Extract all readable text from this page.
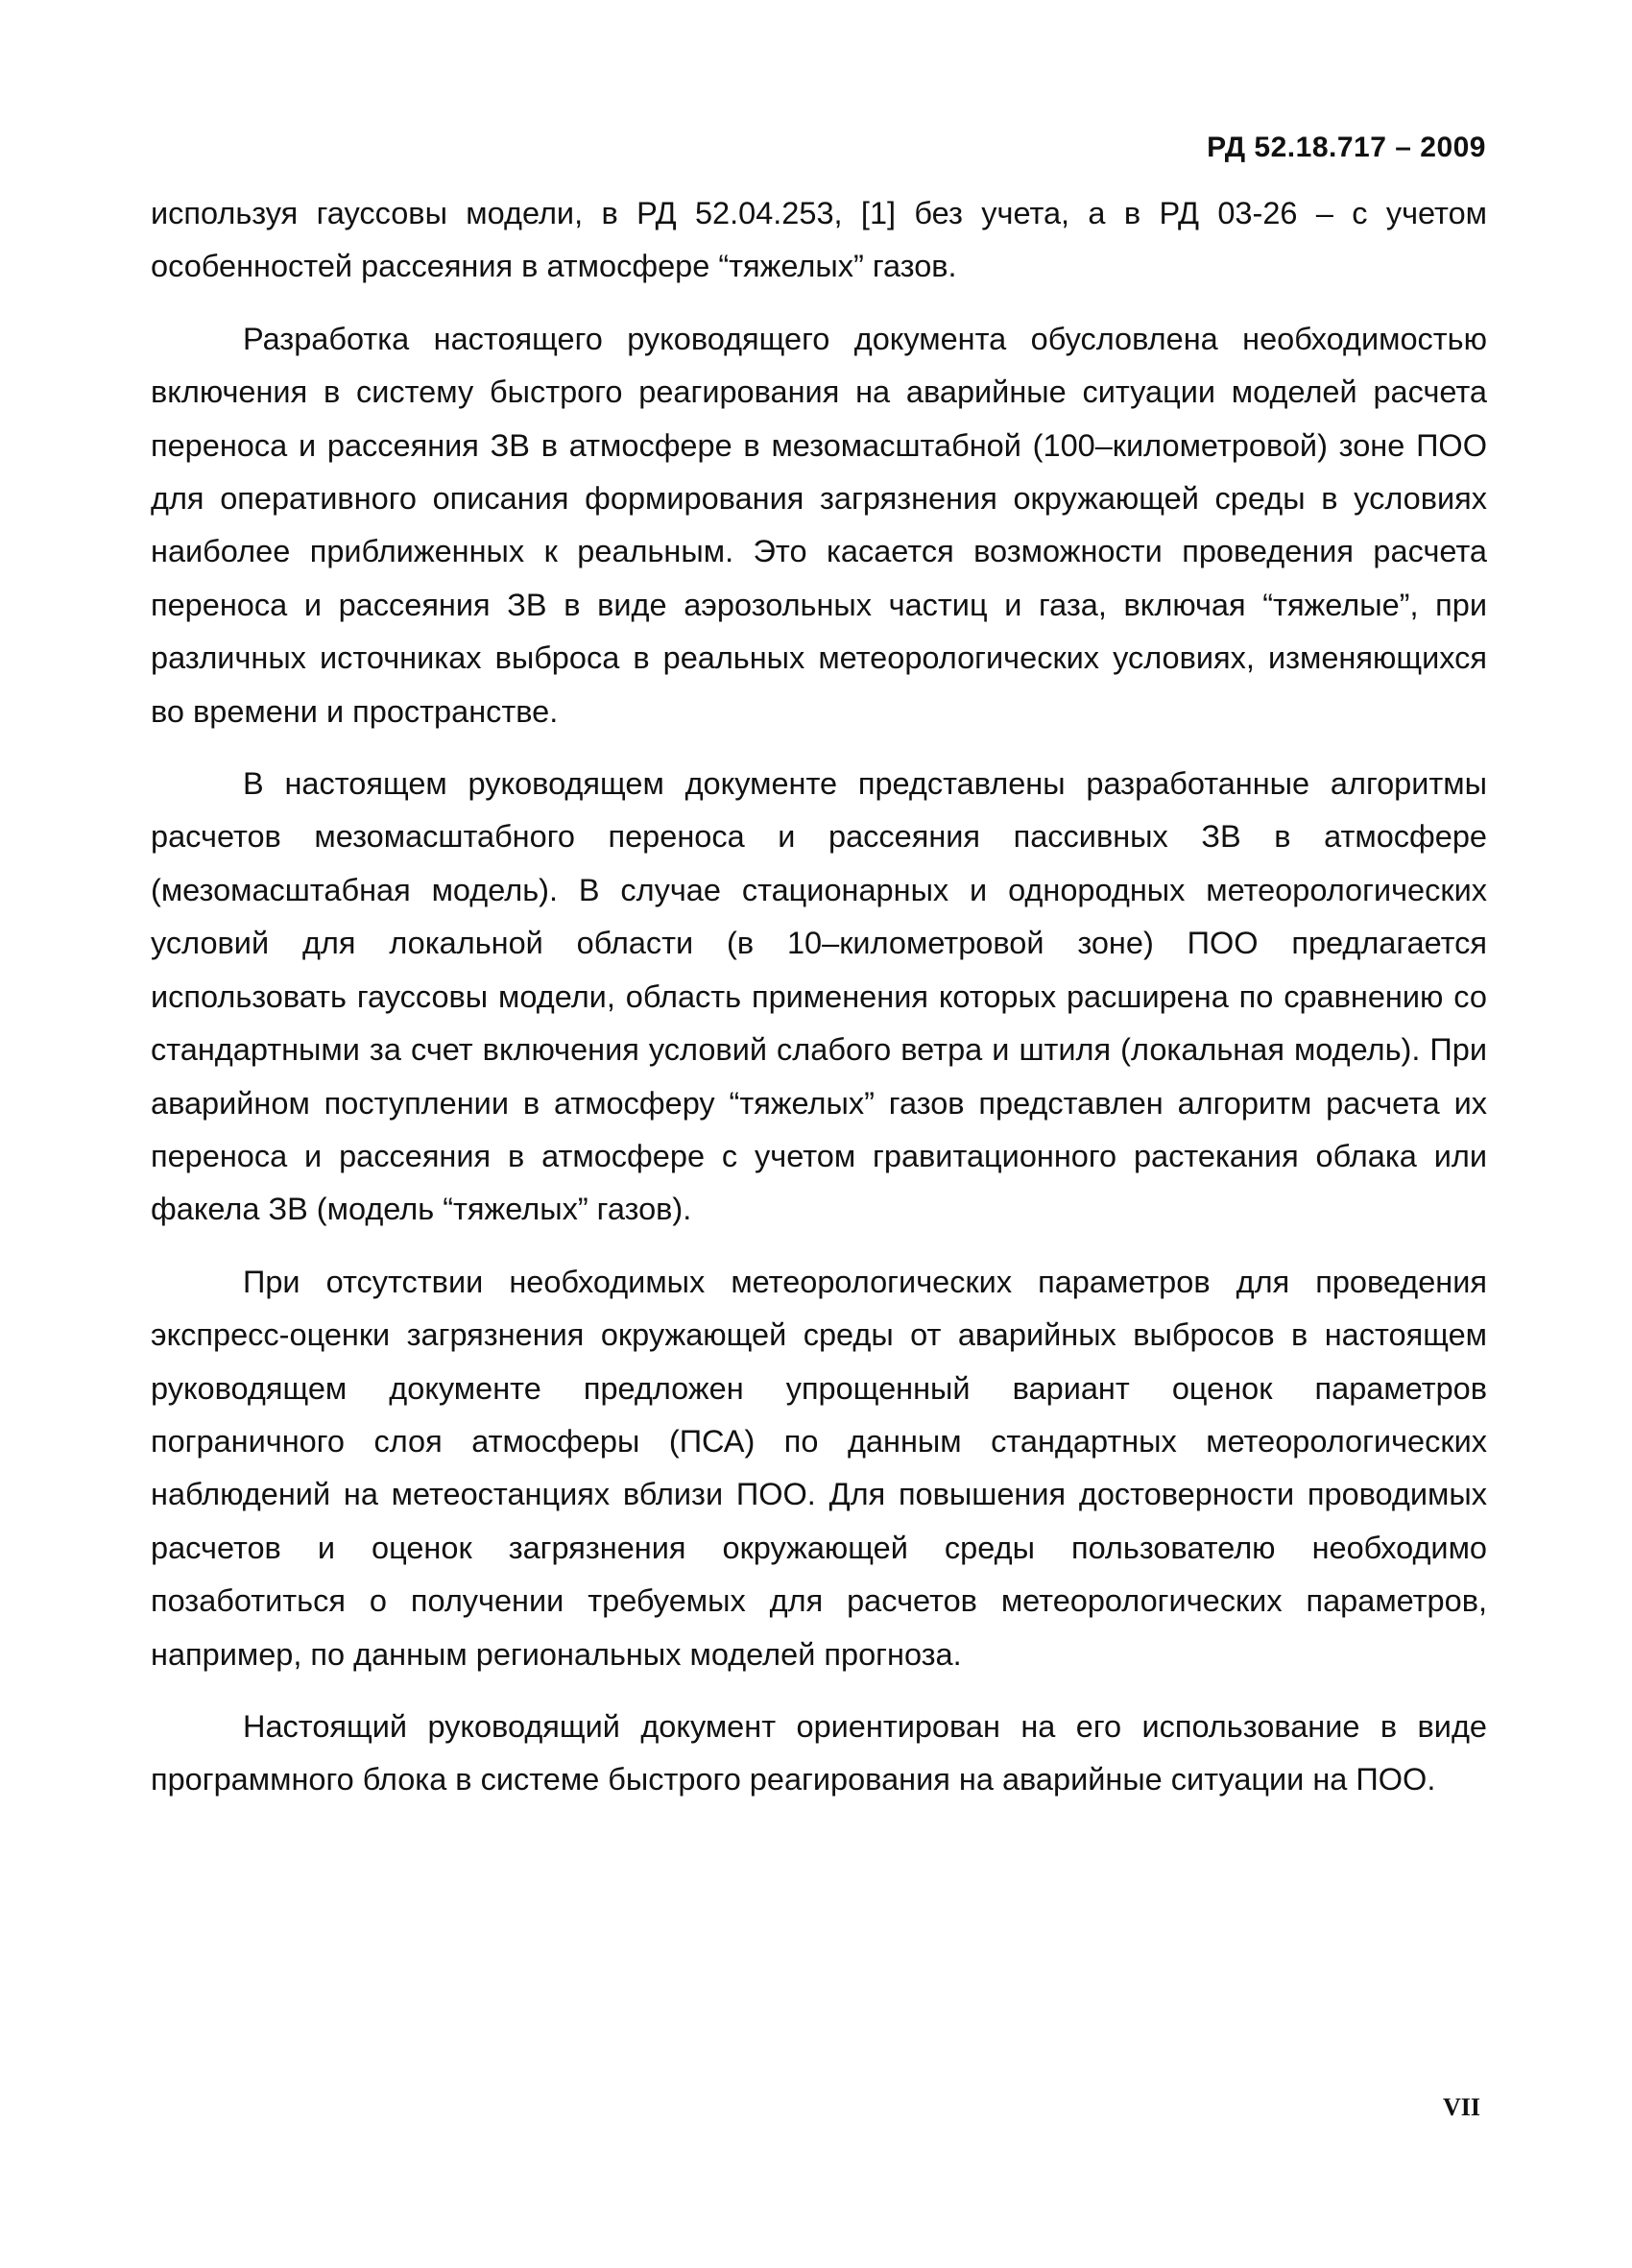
РД 52.18.717 – 2009

используя гауссовы модели, в РД 52.04.253, [1] без учета, а в РД 03-26 – с учетом особенностей рассеяния в атмосфере “тяжелых” газов.

Разработка настоящего руководящего документа обусловлена необходимостью включения в систему быстрого реагирования на аварийные ситуации моделей расчета переноса и рассеяния ЗВ в атмосфере в мезомасштабной (100–километровой) зоне ПОО для оперативного описания формирования загрязнения окружающей среды в условиях наиболее приближенных к реальным. Это касается возможности проведения расчета переноса и рассеяния ЗВ в виде аэрозольных частиц и газа, включая “тяжелые”, при различных источниках выброса в реальных метеорологических условиях, изменяющихся во времени и пространстве.

В настоящем руководящем документе представлены разработанные алгоритмы расчетов мезомасштабного переноса и рассеяния пассивных ЗВ в атмосфере (мезомасштабная модель). В случае стационарных и однородных метеорологических условий для локальной области (в 10–километровой зоне) ПОО предлагается использовать гауссовы модели, область применения которых расширена по сравнению со стандартными за счет включения условий слабого ветра и штиля (локальная модель). При аварийном поступлении в атмосферу “тяжелых” газов представлен алгоритм расчета их переноса и рассеяния в атмосфере с учетом гравитационного растекания облака или факела ЗВ (модель “тяжелых” газов).

При отсутствии необходимых метеорологических параметров для проведения экспресс-оценки загрязнения окружающей среды от аварийных выбросов в настоящем руководящем документе предложен упрощенный вариант оценок параметров пограничного слоя атмосферы (ПСА) по данным стандартных метеорологических наблюдений на метеостанциях вблизи ПОО. Для повышения достоверности проводимых расчетов и оценок загрязнения окружающей среды пользователю необходимо позаботиться о получении требуемых для расчетов метеорологических параметров, например, по данным региональных моделей прогноза.

Настоящий руководящий документ ориентирован на его использование в виде программного блока в системе быстрого реагирования на аварийные ситуации на ПОО.

VII
